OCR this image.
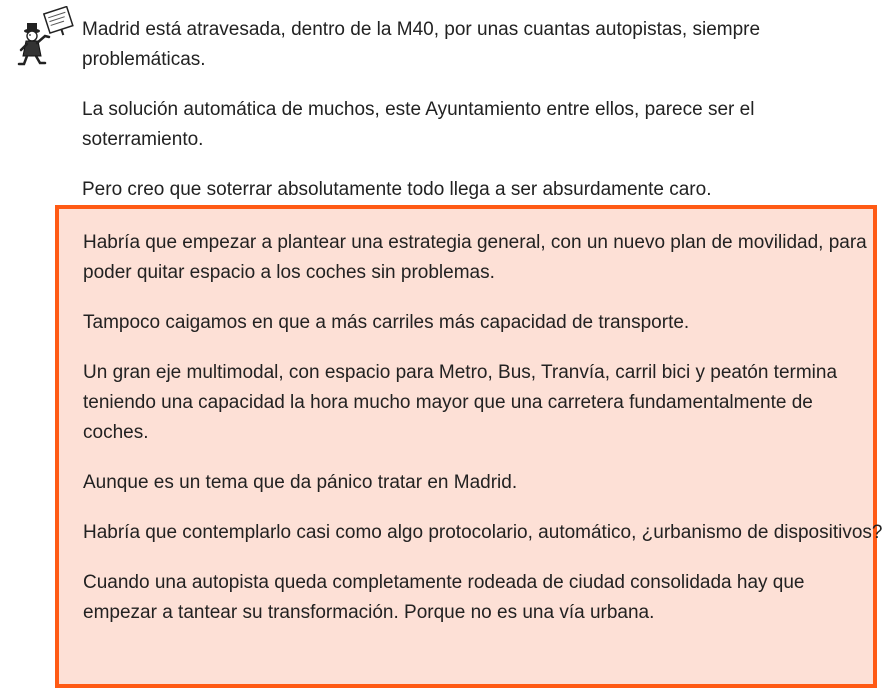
Madrid está atravesada, dentro de la M40, por unas cuantas autopistas, siempre problemáticas.

La solución automática de muchos, este Ayuntamiento entre ellos, parece ser el soterramiento.

Pero creo que soterrar absolutamente todo llega a ser absurdamente caro.

Habría que empezar a plantear una estrategia general, con un nuevo plan de movilidad, para poder quitar espacio a los coches sin problemas.

Tampoco caigamos en que a más carriles más capacidad de transporte.

Un gran eje multimodal, con espacio para Metro, Bus, Tranvía, carril bici y peatón termina teniendo una capacidad la hora mucho mayor que una carretera fundamentalmente de coches.

Aunque es un tema que da pánico tratar en Madrid.

Habría que contemplarlo casi como algo protocolario, automático, ¿urbanismo de dispositivos?

Cuando una autopista queda completamente rodeada de ciudad consolidada hay que empezar a tantear su transformación. Porque no es una vía urbana.
